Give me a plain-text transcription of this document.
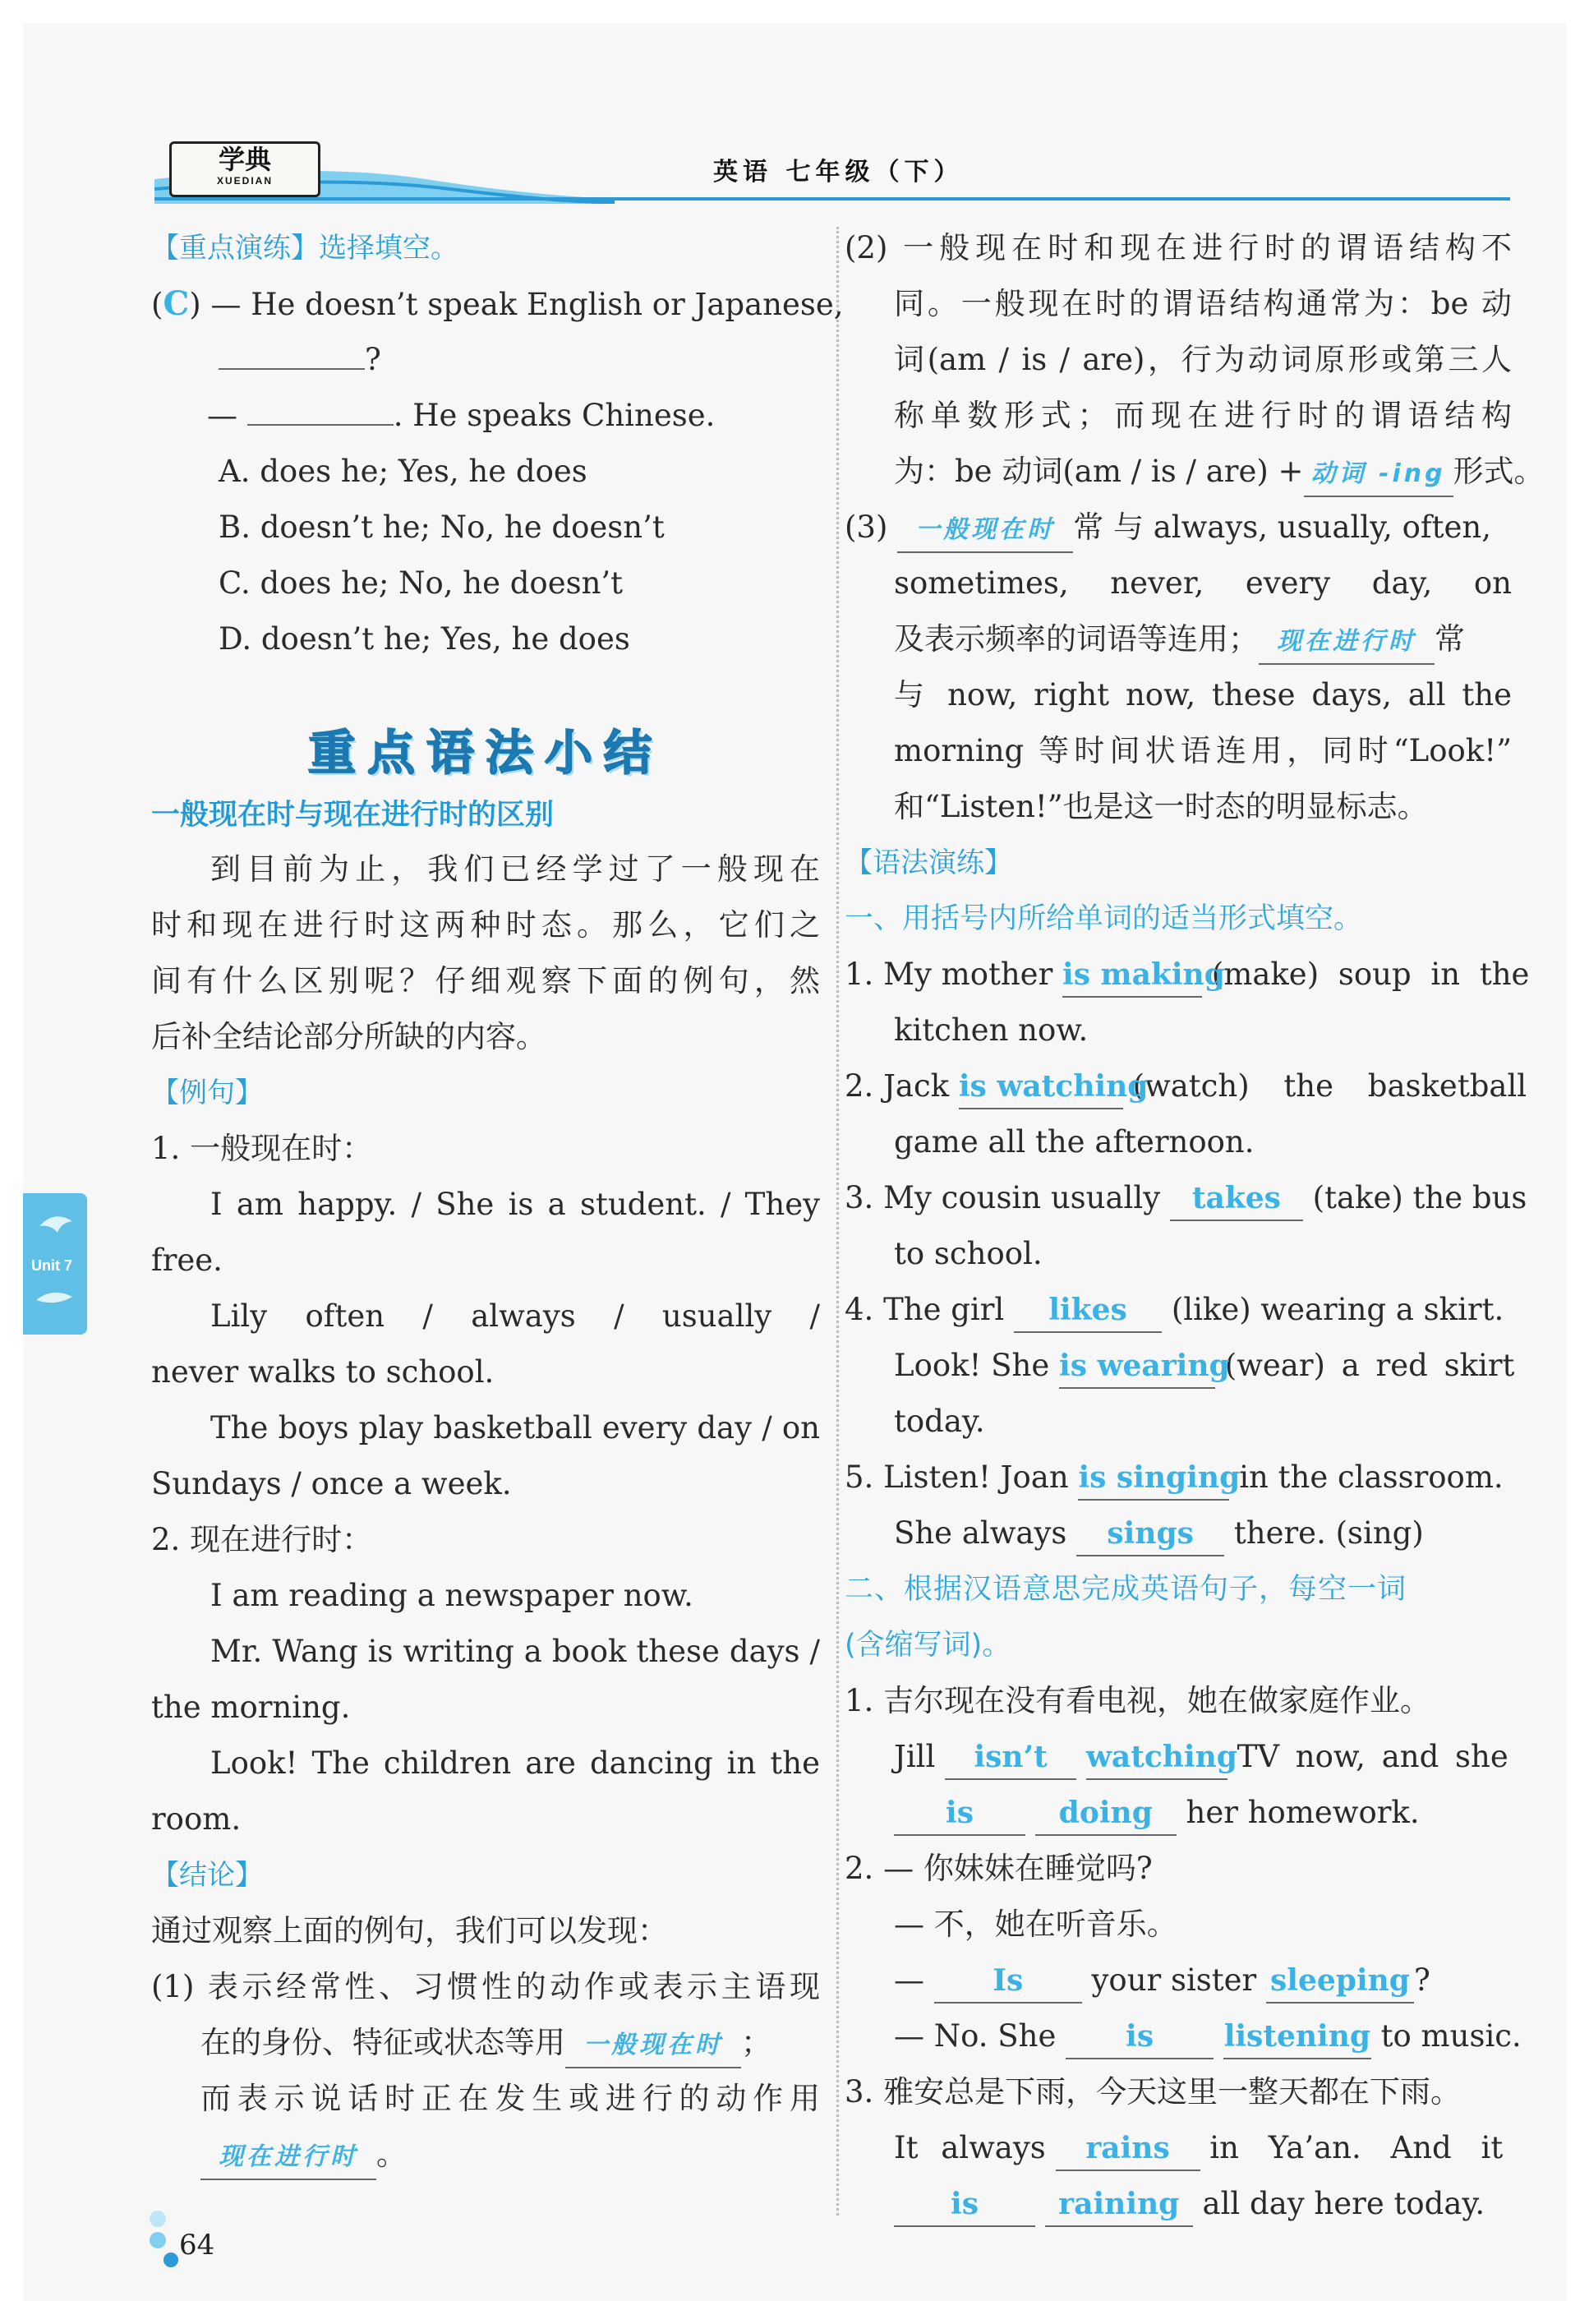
学典
XUEDIAN	英语 七年级（下）
Unit 7
【重点演练】选择填空。
(C) — He doesn’t speak English or Japanese,
?
—	. He speaks Chinese.
A. does he; Yes, he does
B. doesn’t he; No, he doesn’t
C. does he; No, he doesn’t
D. doesn’t he; Yes, he does
重点语法小结
一般现在时与现在进行时的区别
到目前为止，我们已经学过了一般现在
时和现在进行时这两种时态。那么，它们之
间有什么区别呢？仔细观察下面的例句，然
后补全结论部分所缺的内容。
【例句】
1. 一般现在时：
I am happy. / She is a student. / They
free.
Lily often / always / usually /
never walks to school.
The boys play basketball every day / on
Sundays / once a week.
2. 现在进行时：
I am reading a newspaper now.
Mr. Wang is writing a book these days /
the morning.
Look! The children are dancing in the
room.
【结论】
通过观察上面的例句，我们可以发现：
(1) 表示经常性、习惯性的动作或表示主语现
在的身份、特征或状态等用 一般现在时 ；
而表示说话时正在发生或进行的动作用
现在进行时 。
(2) 一般现在时和现在进行时的谓语结构不
同。一般现在时的谓语结构通常为：be 动
词(am / is / are)，行为动词原形或第三人
称单数形式；而现在进行时的谓语结构
为：be 动词(am / is / are) + 动词 -ing 形式。
(3) 一般现在时 常 与 always, usually, often,
sometimes, never, every day, on
及表示频率的词语等连用； 现在进行时 常
与 now, right now, these days, all the
morning 等时间状语连用，同时“Look!”
和“Listen!”也是这一时态的明显标志。
【语法演练】
一、用括号内所给单词的适当形式填空。
1. My mother is making (make) soup in the
kitchen now.
2. Jack is watching (watch) the basketball
game all the afternoon.
3. My cousin usually takes (take) the bus
to school.
4. The girl likes (like) wearing a skirt.
Look! She is wearing (wear) a red skirt
today.
5. Listen! Joan is singing in the classroom.
She always sings there. (sing)
二、根据汉语意思完成英语句子，每空一词
(含缩写词)。
1. 吉尔现在没有看电视，她在做家庭作业。
Jill isn’t watching TV now, and she
is	doing her homework.
2. — 你妹妹在睡觉吗?
— 不，她在听音乐。
— Is your sister sleeping ?
— No. She is listening to music.
3. 雅安总是下雨，今天这里一整天都在下雨。
It always rains in Ya’an. And it
is	raining all day here today.
64
